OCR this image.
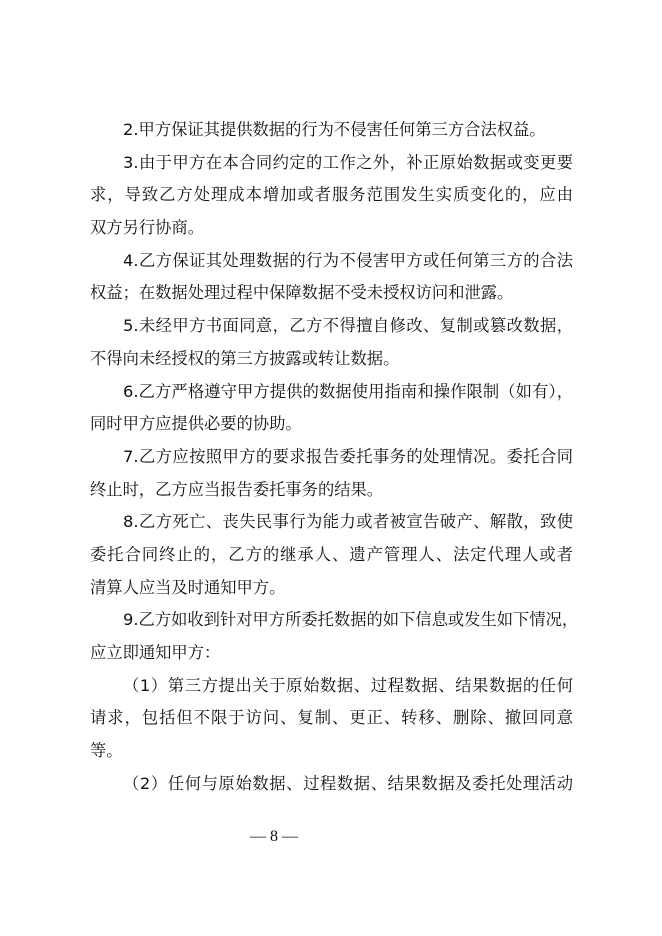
2.甲方保证其提供数据的行为不侵害任何第三方合法权益。
3.由于甲方在本合同约定的工作之外，补正原始数据或变更要
求，导致乙方处理成本增加或者服务范围发生实质变化的，应由
双方另行协商。
4.乙方保证其处理数据的行为不侵害甲方或任何第三方的合法
权益；在数据处理过程中保障数据不受未授权访问和泄露。
5.未经甲方书面同意，乙方不得擅自修改、复制或篡改数据，
不得向未经授权的第三方披露或转让数据。
6.乙方严格遵守甲方提供的数据使用指南和操作限制（如有），
同时甲方应提供必要的协助。
7.乙方应按照甲方的要求报告委托事务的处理情况。委托合同
终止时，乙方应当报告委托事务的结果。
8.乙方死亡、丧失民事行为能力或者被宣告破产、解散，致使
委托合同终止的，乙方的继承人、遗产管理人、法定代理人或者
清算人应当及时通知甲方。
9.乙方如收到针对甲方所委托数据的如下信息或发生如下情况，
应立即通知甲方：
（1）第三方提出关于原始数据、过程数据、结果数据的任何
请求，包括但不限于访问、复制、更正、转移、删除、撤回同意
等。
（2）任何与原始数据、过程数据、结果数据及委托处理活动
— 8 —
